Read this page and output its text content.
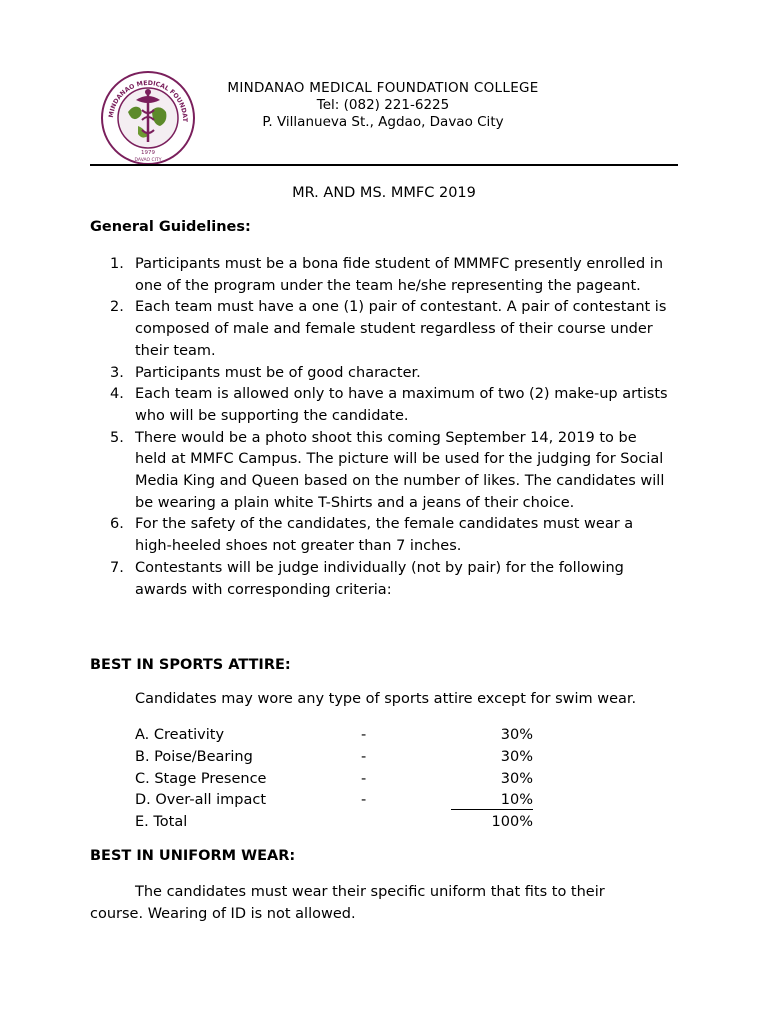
MINDANAO MEDICAL FOUNDAT
1979
DAVAO CITY
MINDANAO MEDICAL FOUNDATION COLLEGE
Tel: (082) 221-6225
P. Villanueva St., Agdao, Davao City
MR. AND MS. MMFC 2019
General Guidelines:
1. Participants must be a bona fide student of MMMFC presently enrolled in one of the program under the team he/she representing the pageant.
2. Each team must have a one (1) pair of contestant. A pair of contestant is composed of male and female student regardless of their course under their team.
3. Participants must be of good character.
4. Each team is allowed only to have a maximum of two (2) make-up artists who will be supporting the candidate.
5. There would be a photo shoot this coming September 14, 2019 to be held at MMFC Campus. The picture will be used for the judging for Social Media King and Queen based on the number of likes. The candidates will be wearing a plain white T-Shirts and a jeans of their choice.
6. For the safety of the candidates, the female candidates must wear a high-heeled shoes not greater than 7 inches.
7. Contestants will be judge individually (not by pair) for the following awards with corresponding criteria:
BEST IN SPORTS ATTIRE:
Candidates may wore any type of sports attire except for swim wear.
A. Creativity	-	30%
B. Poise/Bearing	-	30%
C. Stage Presence	-	30%
D. Over-all impact	-	10%
E. Total	100%
BEST IN UNIFORM WEAR:
The candidates must wear their specific uniform that fits to their course. Wearing of ID is not allowed.
